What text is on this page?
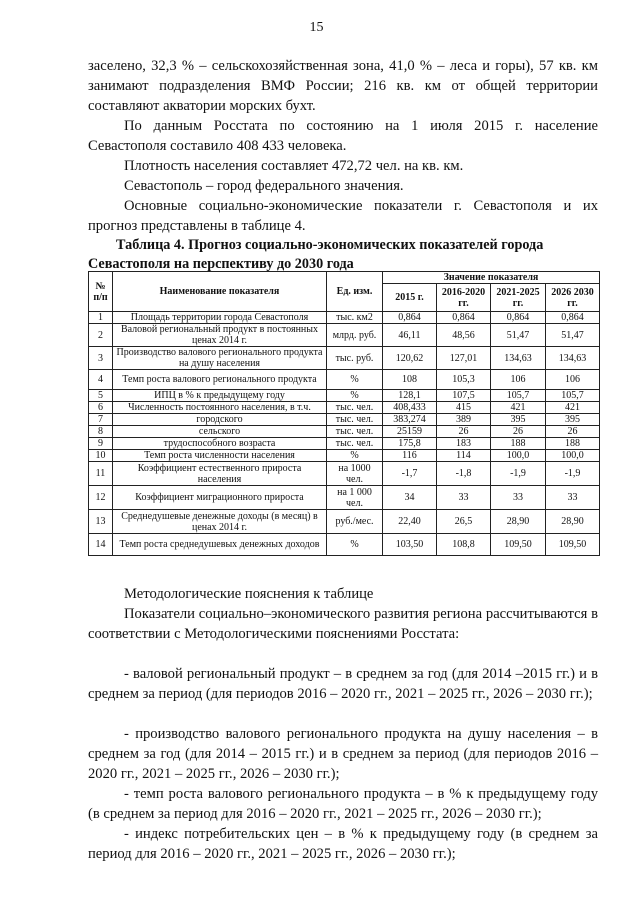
15

заселено, 32,3 % – сельскохозяйственная зона, 41,0 % – леса и горы), 57 кв. км занимают подразделения ВМФ России; 216 кв. км от общей территории составляют акватории морских бухт.

По данным Росстата по состоянию на 1 июля 2015 г. население Севастополя составило 408 433 человека.

Плотность населения составляет 472,72 чел. на кв. км.

Севастополь – город федерального значения.

Основные социально-экономические показатели г. Севастополя и их прогноз представлены в таблице 4.

Таблица 4. Прогноз социально-экономических показателей города
Севастополя на перспективу до 2030 года
№ п/п	Наименование показателя	Ед. изм.	Значение показателя			
			2015 г.	2016-2020 гг.	2021-2025 гг.	2026 2030 гг.
1	Площадь территории города Севастополя	тыс. км2	0,864	0,864	0,864	0,864
2	Валовой региональный продукт в постоянных ценах 2014 г.	млрд. руб.	46,11	48,56	51,47	51,47
3	Производство валового регионального продукта на душу населения	тыс. руб.	120,62	127,01	134,63	134,63
4	Темп роста валового регионального продукта	%	108	105,3	106	106
5	ИПЦ в % к предыдущему году	%	128,1	107,5	105,7	105,7
6	Численность постоянного населения, в т.ч.	тыс. чел.	408,433	415	421	421
7	городского	тыс. чел.	383,274	389	395	395
8	сельского	тыс. чел.	25159	26	26	26
9	трудоспособного возраста	тыс. чел.	175,8	183	188	188
10	Темп роста численности населения	%	116	114	100,0	100,0
11	Коэффициент естественного прироста населения	на 1000 чел.	-1,7	-1,8	-1,9	-1,9
12	Коэффициент миграционного прироста	на 1 000 чел.	34	33	33	33
13	Среднедушевые денежные доходы (в месяц) в ценах 2014 г.	руб./мес.	22,40	26,5	28,90	28,90
14	Темп роста среднедушевых денежных доходов	%	103,50	108,8	109,50	109,50

Методологические пояснения к таблице

Показатели социально–экономического развития региона рассчитываются в соответствии с Методологическими пояснениями Росстата:

- валовой региональный продукт – в среднем за год (для 2014 –2015 гг.) и в среднем за период (для периодов 2016 – 2020 гг., 2021 – 2025 гг., 2026 – 2030 гг.);

- производство валового регионального продукта на душу населения – в среднем за год (для 2014 – 2015 гг.) и в среднем за период (для периодов 2016 – 2020 гг., 2021 – 2025 гг., 2026 – 2030 гг.);

- темп роста валового регионального продукта – в % к предыдущему году (в среднем за период для 2016 – 2020 гг., 2021 – 2025 гг., 2026 – 2030 гг.);

- индекс потребительских цен – в % к предыдущему году (в среднем за период для 2016 – 2020 гг., 2021 – 2025 гг., 2026 – 2030 гг.);
